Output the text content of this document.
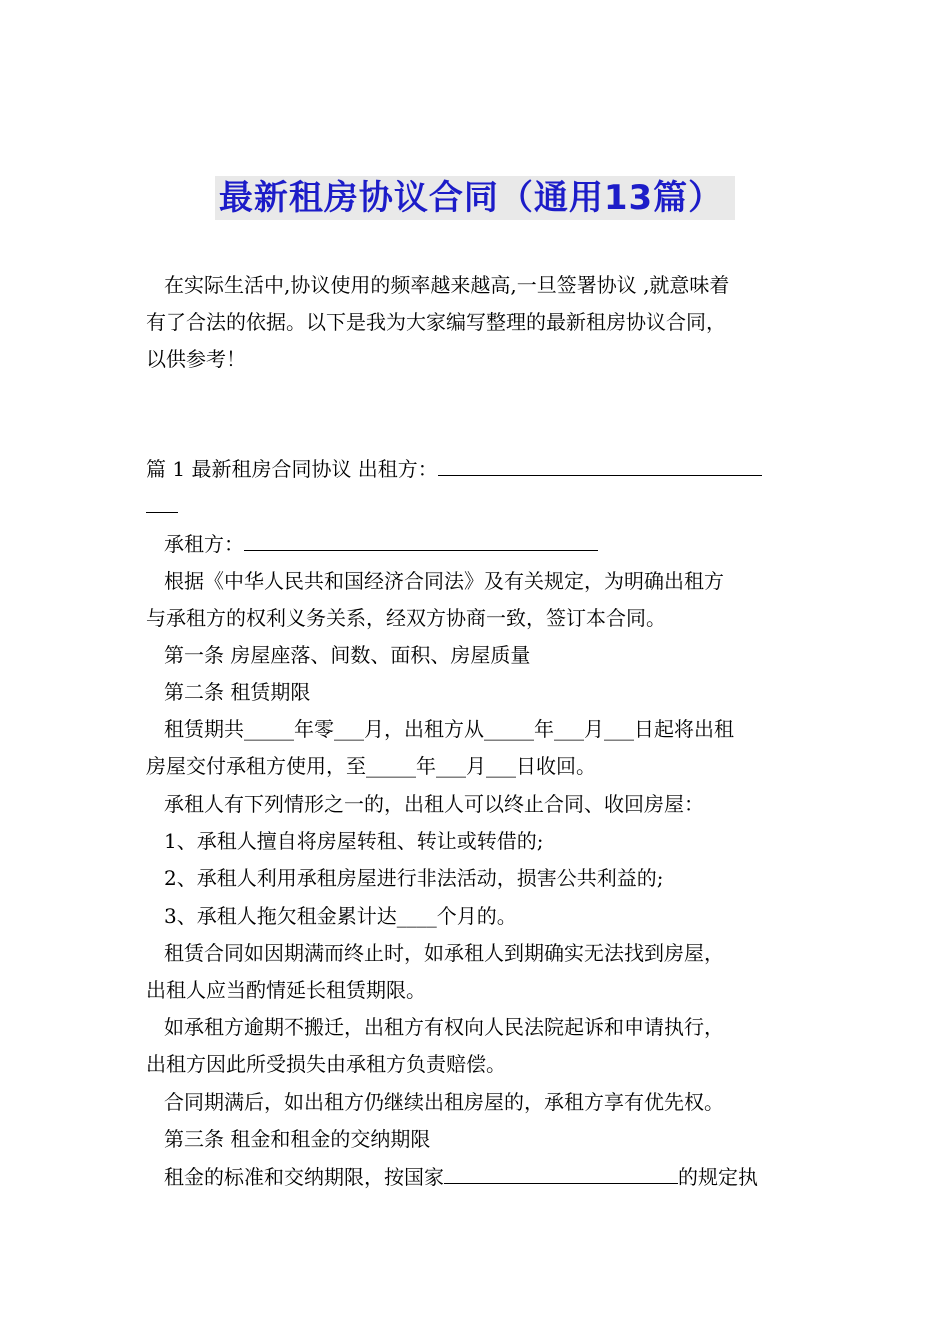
最新租房协议合同（通用13篇）
在实际生活中,协议使用的频率越来越高,一旦签署协议 ,就意味着
有了合法的依据。以下是我为大家编写整理的最新租房协议合同，
以供参考！
篇 1 最新租房合同协议 出租方：
承租方：
根据《中华人民共和国经济合同法》及有关规定，为明确出租方
与承租方的权利义务关系，经双方协商一致，签订本合同。
第一条 房屋座落、间数、面积、房屋质量
第二条 租赁期限
租赁期共_____年零___月，出租方从_____年___月___日起将出租
房屋交付承租方使用，至_____年___月___日收回。
承租人有下列情形之一的，出租人可以终止合同、收回房屋：
1、承租人擅自将房屋转租、转让或转借的;
2、承租人利用承租房屋进行非法活动，损害公共利益的;
3、承租人拖欠租金累计达____个月的。
租赁合同如因期满而终止时，如承租人到期确实无法找到房屋，
出租人应当酌情延长租赁期限。
如承租方逾期不搬迁，出租方有权向人民法院起诉和申请执行，
出租方因此所受损失由承租方负责赔偿。
合同期满后，如出租方仍继续出租房屋的，承租方享有优先权。
第三条 租金和租金的交纳期限
租金的标准和交纳期限，按国家	的规定执
